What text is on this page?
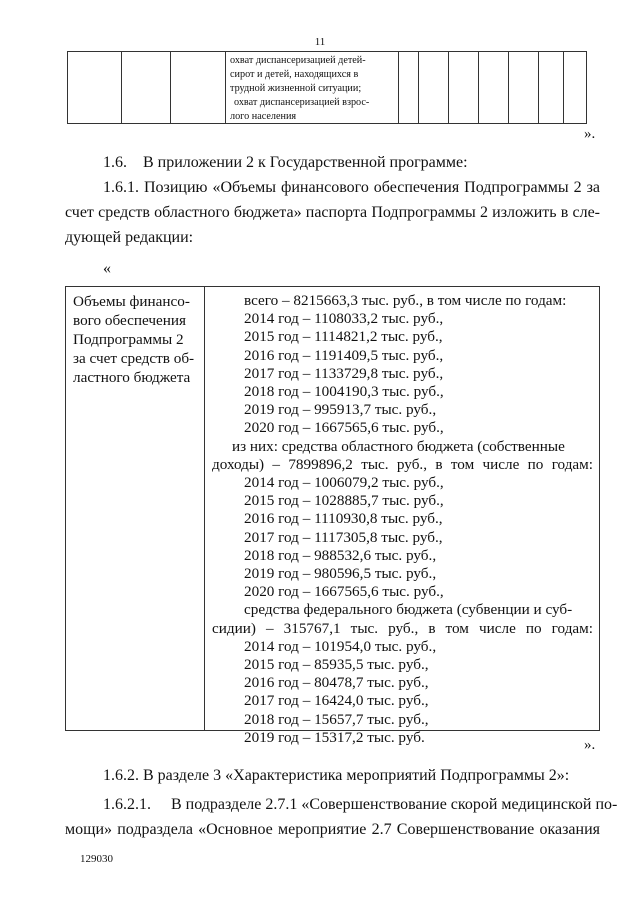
11
охват диспансеризацией детей-
сирот и детей, находящихся в
трудной жизненной ситуации;
охват диспансеризацией взрос-
лого населения
».
1.6.    В приложении 2 к Государственной программе:
1.6.1. Позицию «Объемы финансового обеспечения Подпрограммы 2 за
счет средств областного бюджета» паспорта Подпрограммы 2 изложить в сле-
дующей редакции:
«
Объемы финансо-
вого обеспечения
Подпрограммы 2
за счет средств об-
ластного бюджета
всего – 8215663,3 тыс. руб., в том числе по годам:
2014 год – 1108033,2 тыс. руб.,
2015 год – 1114821,2 тыс. руб.,
2016 год – 1191409,5 тыс. руб.,
2017 год – 1133729,8 тыс. руб.,
2018 год – 1004190,3 тыс. руб.,
2019 год – 995913,7 тыс. руб.,
2020 год – 1667565,6 тыс. руб.,
из них: средства областного бюджета (собственные
доходы) – 7899896,2 тыс. руб., в том числе по годам:
2014 год – 1006079,2 тыс. руб.,
2015 год – 1028885,7 тыс. руб.,
2016 год – 1110930,8 тыс. руб.,
2017 год – 1117305,8 тыс. руб.,
2018 год – 988532,6 тыс. руб.,
2019 год – 980596,5 тыс. руб.,
2020 год – 1667565,6 тыс. руб.,
средства федерального бюджета (субвенции и суб-
сидии) – 315767,1 тыс. руб., в том числе по годам:
2014 год – 101954,0 тыс. руб.,
2015 год – 85935,5 тыс. руб.,
2016 год – 80478,7 тыс. руб.,
2017 год – 16424,0 тыс. руб.,
2018 год – 15657,7 тыс. руб.,
2019 год – 15317,2 тыс. руб.	».
1.6.2. В разделе 3 «Характеристика мероприятий Подпрограммы 2»:
1.6.2.1.     В подразделе 2.7.1 «Совершенствование скорой медицинской по-
мощи» подраздела «Основное мероприятие 2.7 Совершенствование оказания
129030
